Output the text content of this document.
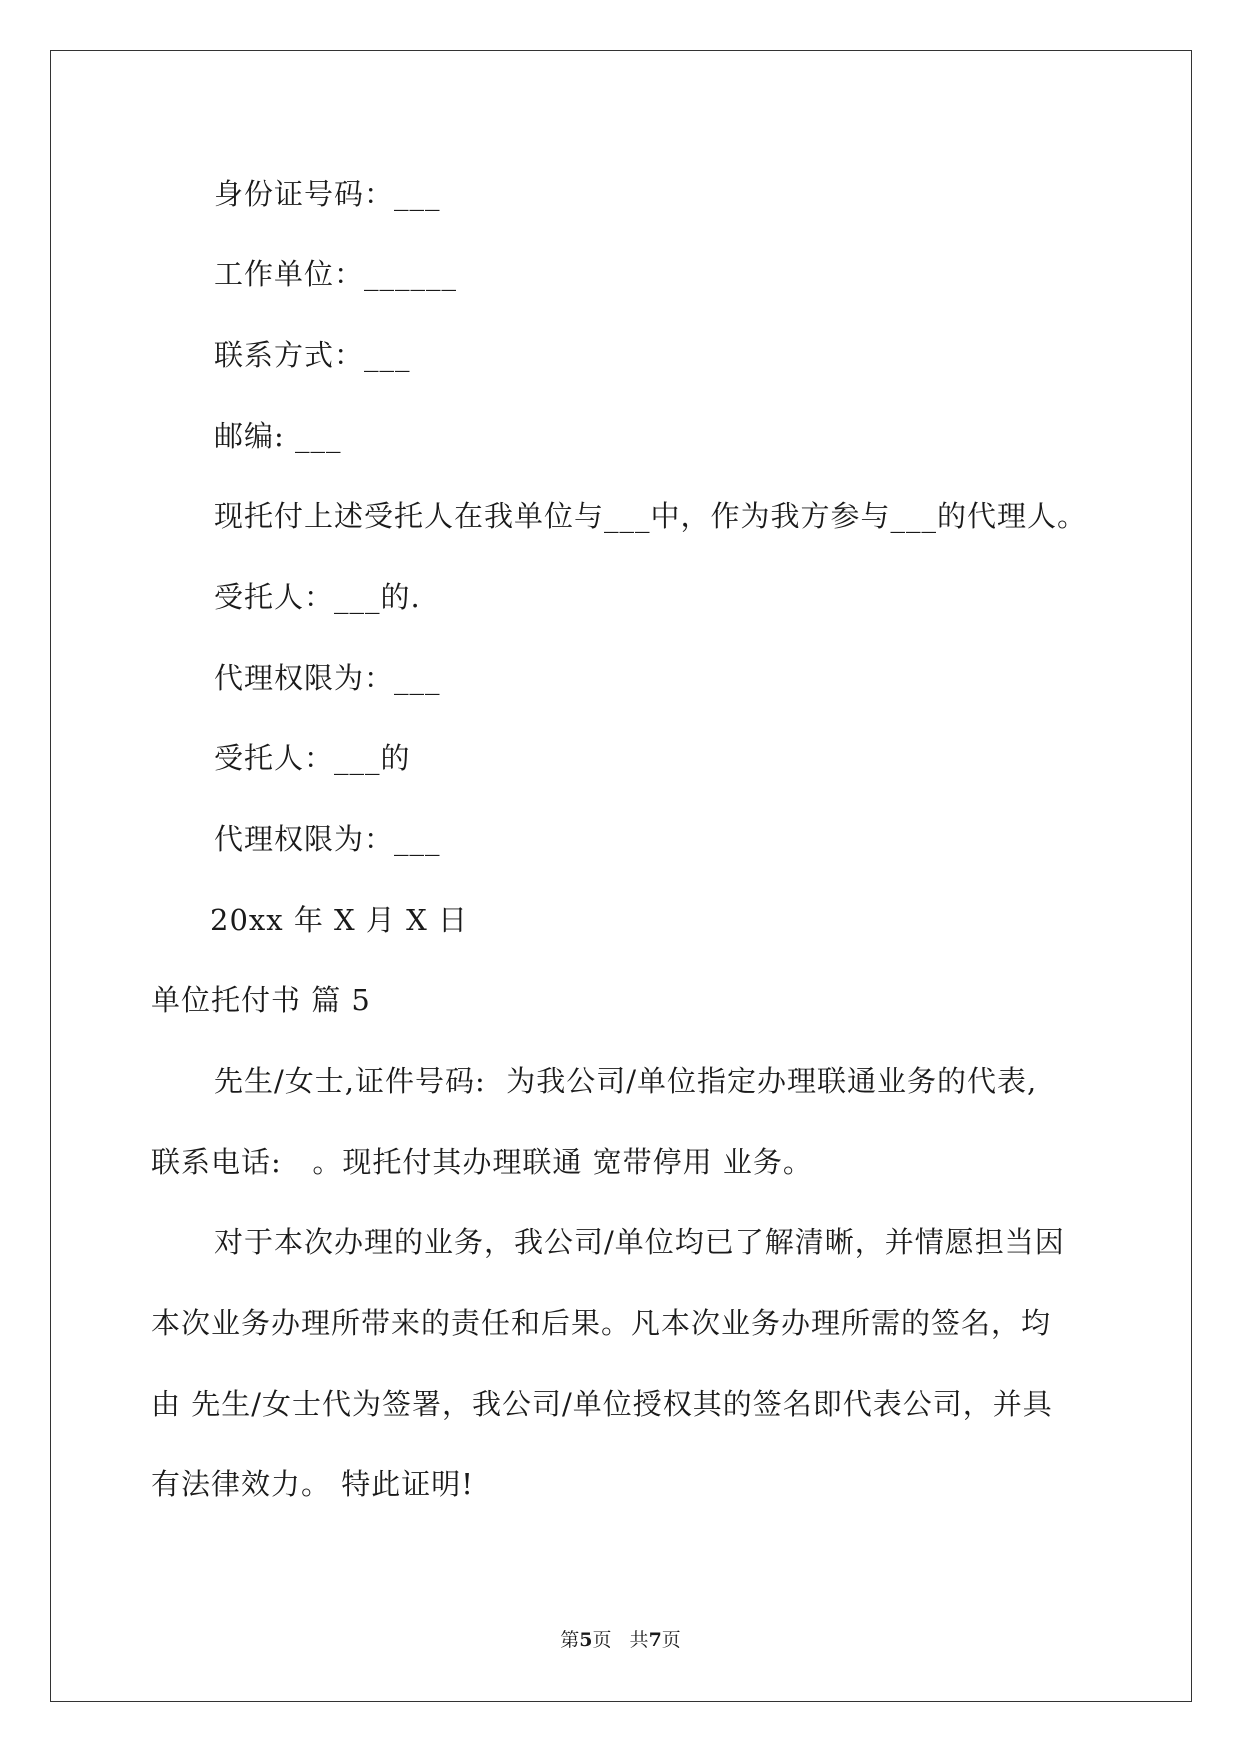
身份证号码：___
工作单位：______
联系方式：___
邮编: ___
现托付上述受托人在我单位与___中，作为我方参与___的代理人。
受托人：___的.
代理权限为：___
受托人：___的
代理权限为：___
20xx 年 X 月 X 日
单位托付书 篇 5
先生/女士,证件号码:  为我公司/单位指定办理联通业务的代表,
联系电话:   。现托付其办理联通 宽带停用 业务。
对于本次办理的业务，我公司/单位均已了解清晰，并情愿担当因
本次业务办理所带来的责任和后果。凡本次业务办理所需的签名，均
由 先生/女士代为签署，我公司/单位授权其的签名即代表公司，并具
有法律效力。 特此证明!
第5页   共7页
